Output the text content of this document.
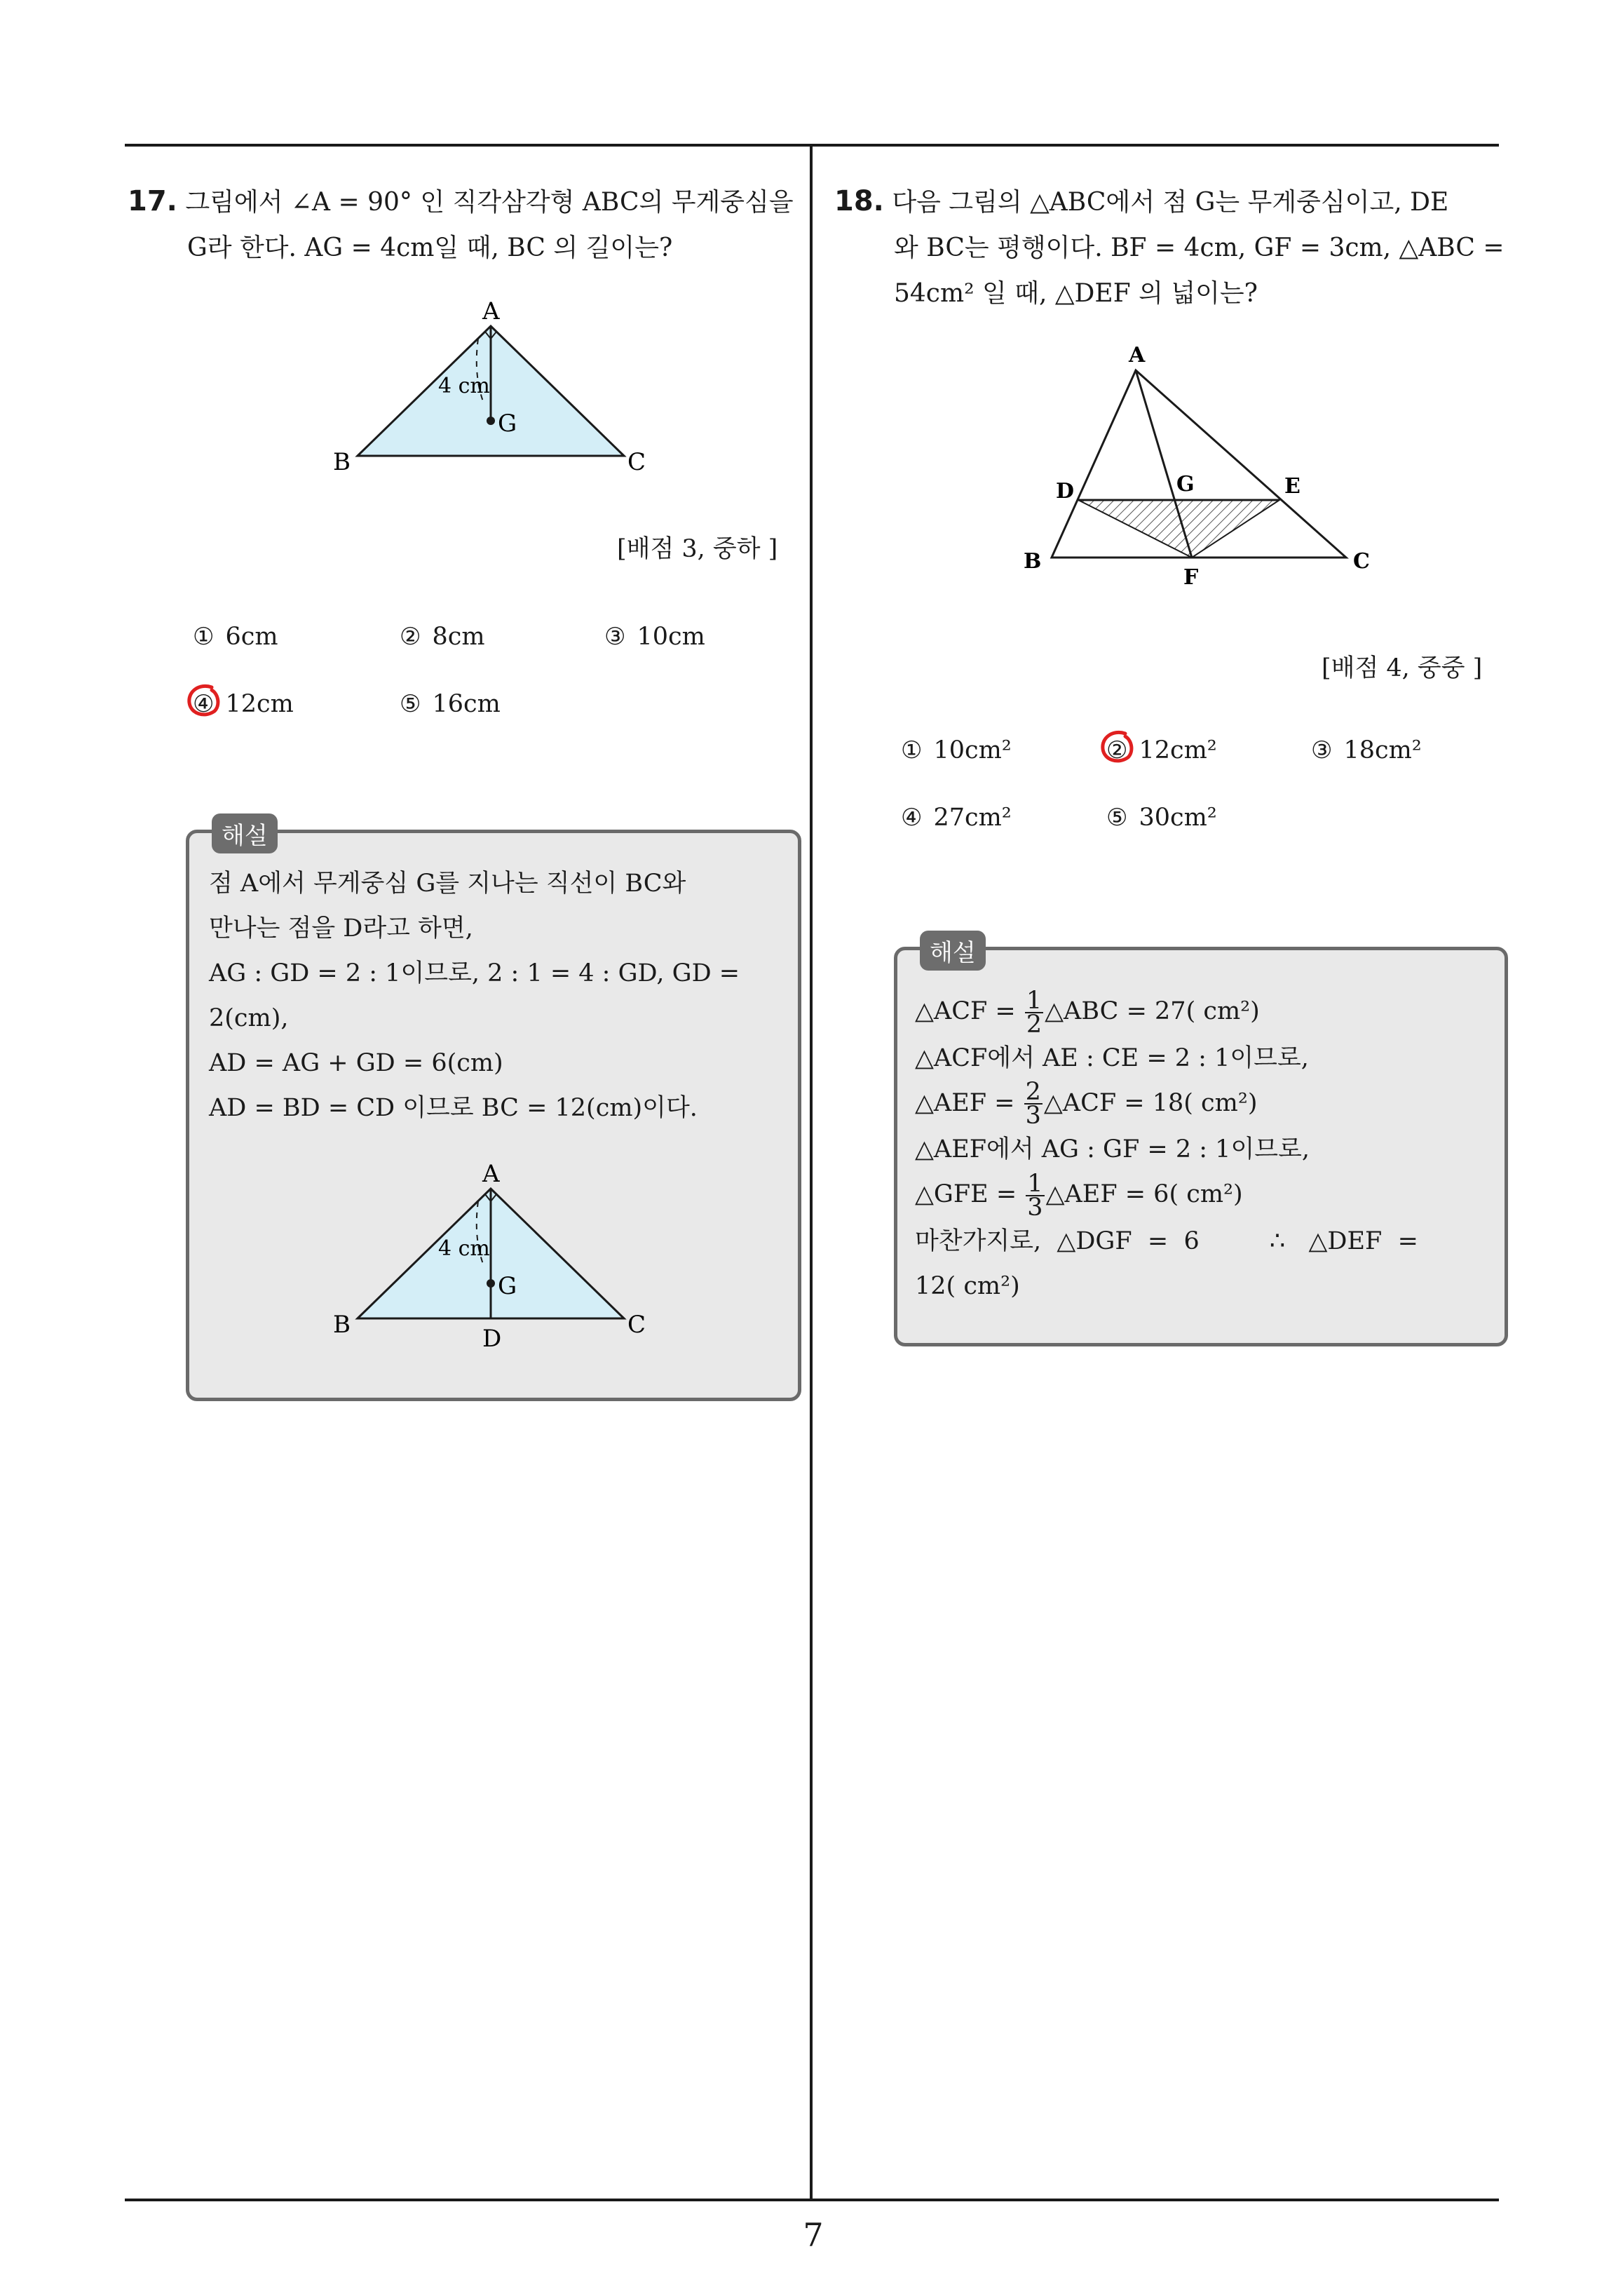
7
17. 그림에서 ∠A = 90° 인 직각삼각형 ABC의 무게중심을 G라 한다. AG = 4cm일 때, BC 의 길이는?
A
B	C
G
4 cm
[배점 3, 중하 ]
① 6cm	② 8cm	③ 10cm
④ 12cm	⑤ 16cm
해설
점 A에서 무게중심 G를 지나는 직선이 BC와
만나는 점을 D라고 하면,
AG : GD = 2 : 1이므로, 2 : 1 = 4 : GD, GD =
2(cm),
AD = AG + GD = 6(cm)
AD = BD = CD 이므로 BC = 12(cm)이다.
A
B	C
D
G
4 cm
18. 다음 그림의 △ABC에서 점 G는 무게중심이고, DE
와 BC는 평행이다. BF = 4cm, GF = 3cm, △ABC =
54cm² 일 때, △DEF 의 넓이는?
A
B	C
D	E
F
G
[배점 4, 중중 ]
① 10cm²	② 12cm²	③ 18cm²
④ 27cm²	⑤ 30cm²
해설
△ACF = $\frac{1}{2}$ △ABC = 27( cm²)
△ACF에서 AE : CE = 2 : 1이므로,
△AEF = $\frac{2}{3}$ △ACF = 18( cm²)
△AEF에서 AG : GF = 2 : 1이므로,
△GFE = $\frac{1}{3}$ △AEF = 6( cm²)
마찬가지로,  △DGF  =  6         ∴   △DEF  =
12( cm²)
